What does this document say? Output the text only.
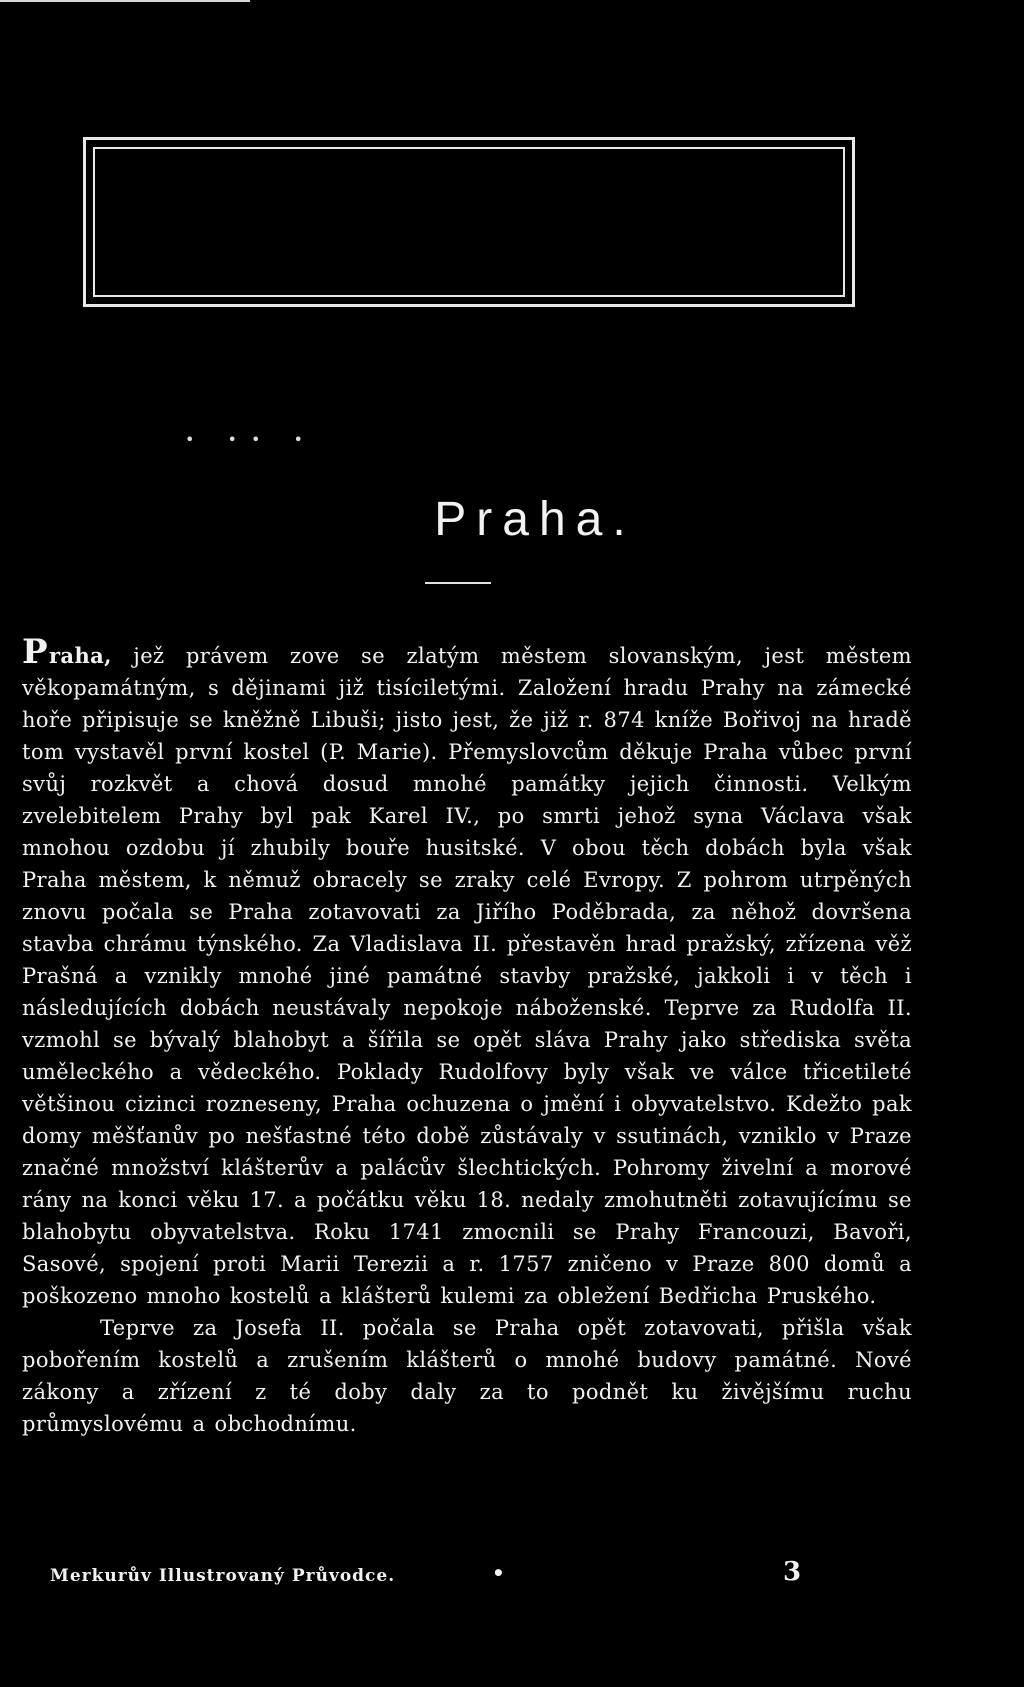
• •• •
Praha.

Praha, jež právem zove se zlatým městem slovanským, jest městem věkopamátným, s dějinami již tisíciletými. Založení hradu Prahy na zámecké hoře připisuje se kněžně Libuši; jisto jest, že již r. 874 kníže Bořivoj na hradě tom vystavěl první kostel (P. Marie). Přemyslovcům děkuje Praha vůbec první svůj rozkvět a chová dosud mnohé památky jejich činnosti. Velkým zvelebitelem Prahy byl pak Karel IV., po smrti jehož syna Václava však mnohou ozdobu jí zhubily bouře husitské. V obou těch dobách byla však Praha městem, k němuž obracely se zraky celé Evropy. Z pohrom utrpěných znovu počala se Praha zotavovati za Jiřího Poděbrada, za něhož dovršena stavba chrámu týnského. Za Vladislava II. přestavěn hrad pražský, zřízena věž Prašná a vznikly mnohé jiné památné stavby pražské, jakkoli i v těch i následujících dobách neustávaly nepokoje náboženské. Teprve za Rudolfa II. vzmohl se bývalý blahobyt a šířila se opět sláva Prahy jako střediska světa uměleckého a vědeckého. Poklady Rudolfovy byly však ve válce třicetileté většinou cizinci rozneseny, Praha ochuzena o jmění i obyvatelstvo. Kdežto pak domy měšťanův po nešťastné této době zůstávaly v ssutinách, vzniklo v Praze značné množství klášterův a palácův šlechtických. Pohromy živelní a morové rány na konci věku 17. a počátku věku 18. nedaly zmohutněti zotavujícímu se blahobytu obyvatelstva. Roku 1741 zmocnili se Prahy Francouzi, Bavoři, Sasové, spojení proti Marii Terezii a r. 1757 zničeno v Praze 800 domů a poškozeno mnoho kostelů a klášterů kulemi za obležení Bedřicha Pruského.

Teprve za Josefa II. počala se Praha opět zotavovati, přišla však pobořením kostelů a zrušením klášterů o mnohé budovy památné. Nové zákony a zřízení z té doby daly za to podnět ku živějšímu ruchu průmyslovému a obchodnímu.

Merkurův Illustrovaný Průvodce.	•	3
